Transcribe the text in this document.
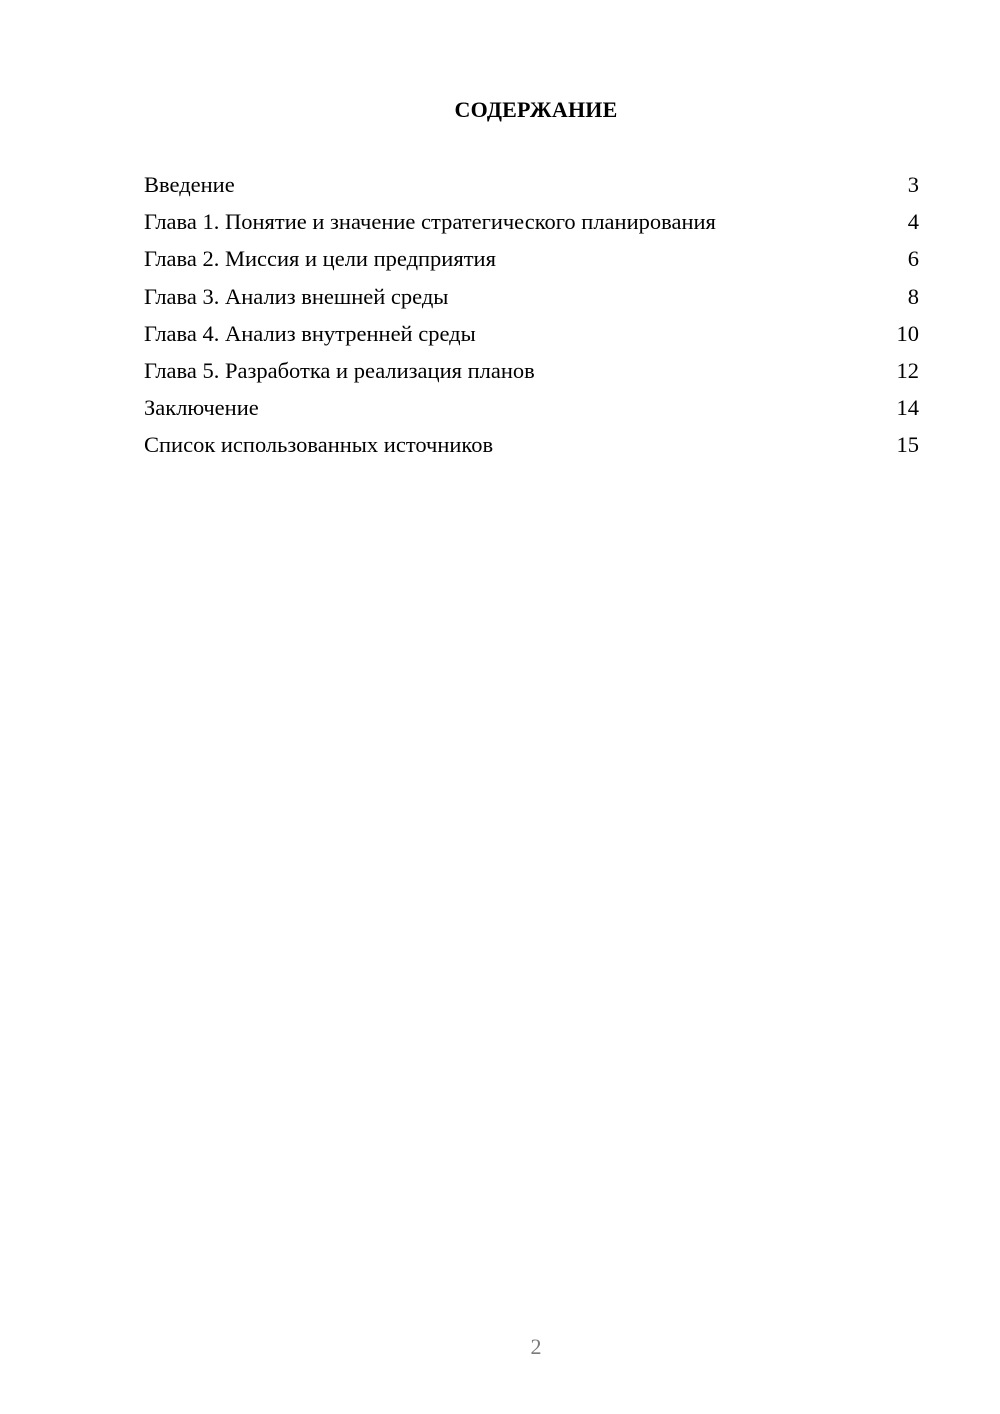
СОДЕРЖАНИЕ
Введение	3
Глава 1. Понятие и значение стратегического планирования	4
Глава 2. Миссия и цели предприятия	6
Глава 3. Анализ внешней среды	8
Глава 4. Анализ внутренней среды	10
Глава 5. Разработка и реализация планов	12
Заключение	14
Список использованных источников	15
2
